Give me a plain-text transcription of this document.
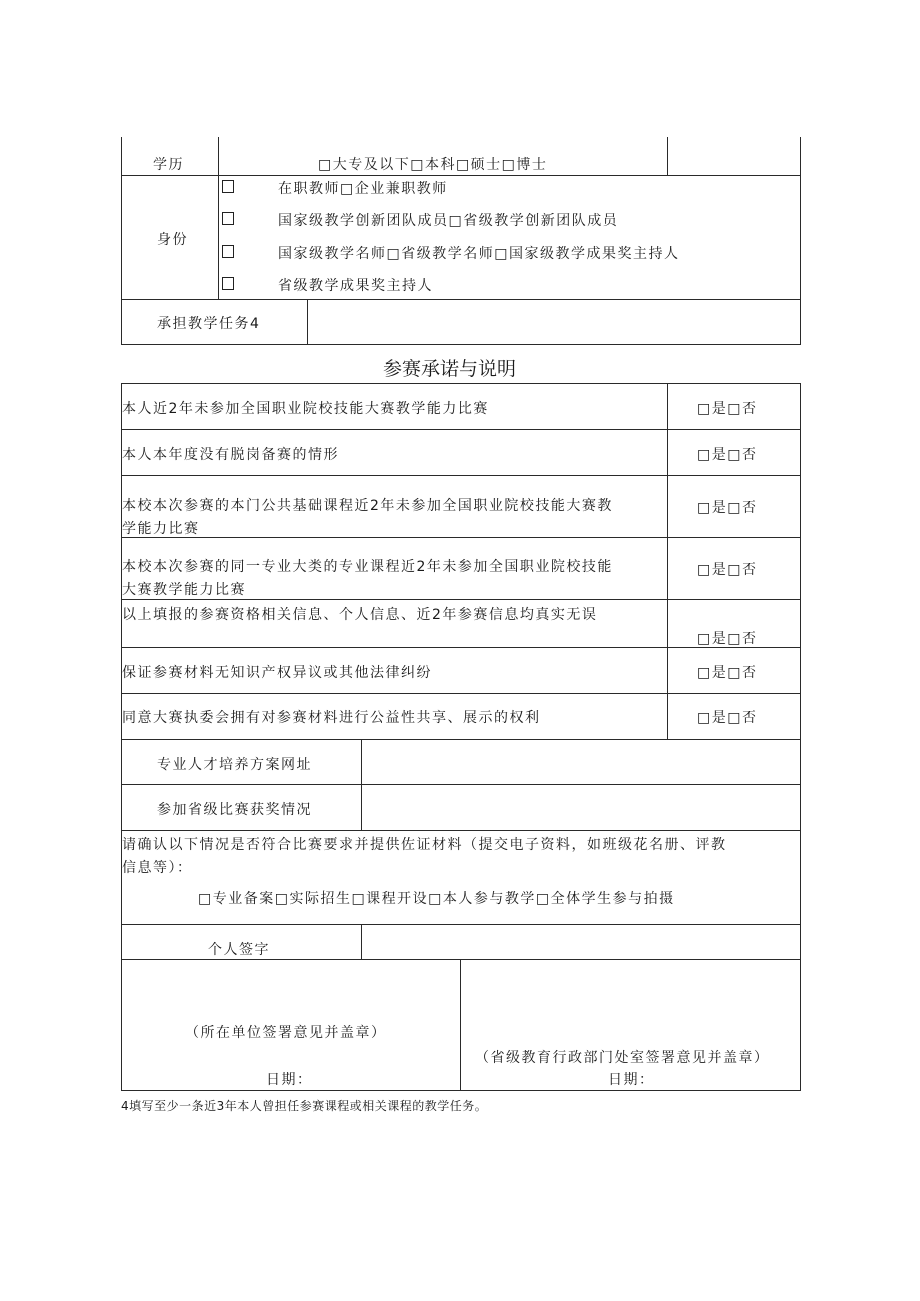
学历	□大专及以下□本科□硕士□博士
身份
在职教师□企业兼职教师
国家级教学创新团队成员□省级教学创新团队成员
国家级教学名师□省级教学名师□国家级教学成果奖主持人
省级教学成果奖主持人
承担教学任务4
参赛承诺与说明
本人近2年未参加全国职业院校技能大赛教学能力比赛	□是□否
本人本年度没有脱岗备赛的情形	□是□否
本校本次参赛的本门公共基础课程近2年未参加全国职业院校技能大赛教
学能力比赛
□是□否
本校本次参赛的同一专业大类的专业课程近2年未参加全国职业院校技能
大赛教学能力比赛
□是□否
以上填报的参赛资格相关信息、个人信息、近2年参赛信息均真实无误
□是□否
保证参赛材料无知识产权异议或其他法律纠纷	□是□否
同意大赛执委会拥有对参赛材料进行公益性共享、展示的权利	□是□否
专业人才培养方案网址
参加省级比赛获奖情况
请确认以下情况是否符合比赛要求并提供佐证材料（提交电子资料，如班级花名册、评教
信息等）：
□专业备案□实际招生□课程开设□本人参与教学□全体学生参与拍摄
个人签字
（所在单位签署意见并盖章）
日期：
（省级教育行政部门处室签署意见并盖章）
日期：
4填写至少一条近3年本人曾担任参赛课程或相关课程的教学任务。
